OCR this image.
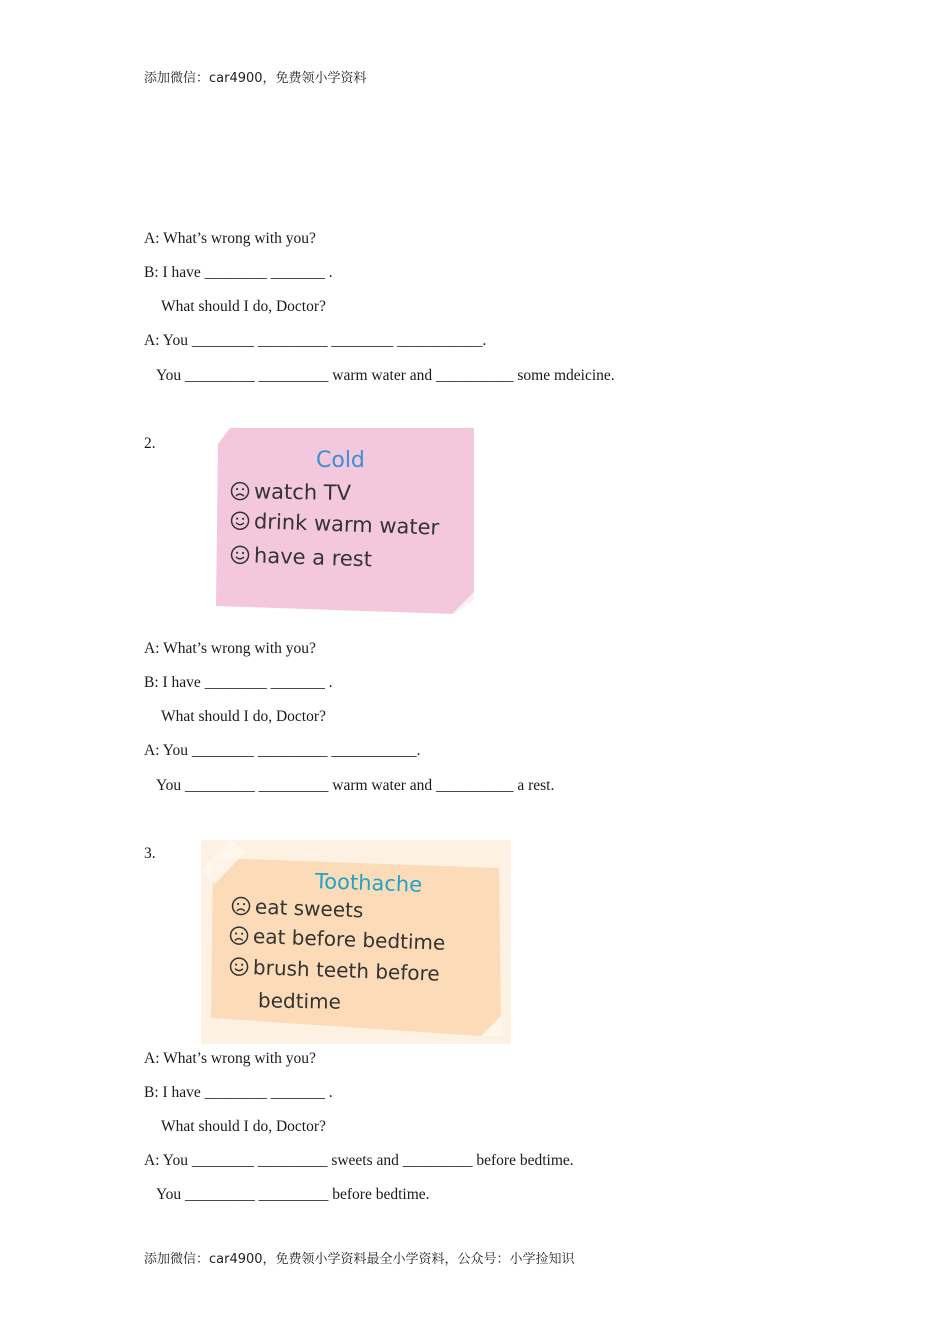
添加微信：car4900，免费领小学资料
A: What’s wrong with you?
B: I have ________ _______ .
What should I do, Doctor?
A: You ________ _________ ________ ___________.
You _________ _________ warm water and __________ some mdeicine.
2.
Cold
watch TV
drink warm water
have a rest
A: What’s wrong with you?
B: I have ________ _______ .
What should I do, Doctor?
A: You ________ _________ ___________.
You _________ _________ warm water and __________ a rest.
3.
Toothache
eat sweets
eat before bedtime
brush teeth before
bedtime
A: What’s wrong with you?
B: I have ________ _______ .
What should I do, Doctor?
A: You ________ _________ sweets and _________ before bedtime.
You _________ _________ before bedtime.
添加微信：car4900，免费领小学资料最全小学资料，公众号：小学捡知识
